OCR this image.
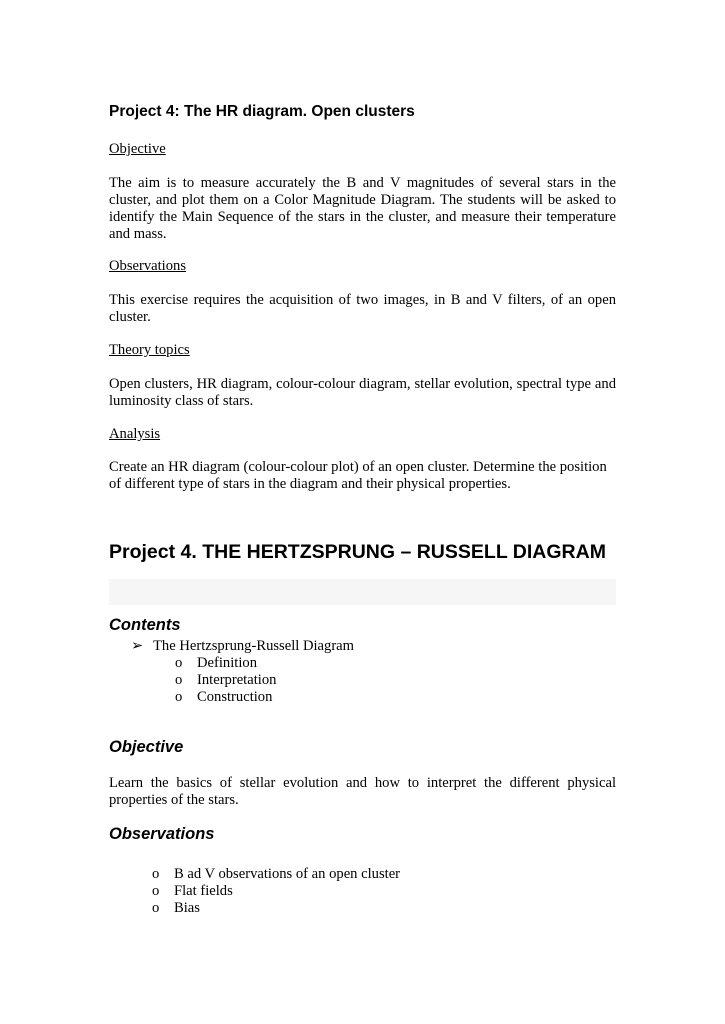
Project 4: The HR diagram. Open clusters
Objective
The aim is to measure accurately the B and V magnitudes of several stars in the cluster, and plot them on a Color Magnitude Diagram. The students will be asked to identify the Main Sequence of the stars in the cluster, and measure their temperature and mass.
Observations
This exercise requires the acquisition of two images, in B and V filters, of an open cluster.
Theory topics
Open clusters, HR diagram, colour-colour diagram, stellar evolution, spectral type and luminosity class of stars.
Analysis
Create an HR diagram (colour-colour plot) of an open cluster. Determine the position of different type of stars in the diagram and their physical properties.
Project 4. THE HERTZSPRUNG – RUSSELL DIAGRAM
Contents
➢ The Hertzsprung-Russell Diagram
o Definition
o Interpretation
o Construction
Objective
Learn the basics of stellar evolution and how to interpret the different physical properties of the stars.
Observations
o B ad V observations of an open cluster
o Flat fields
o Bias
